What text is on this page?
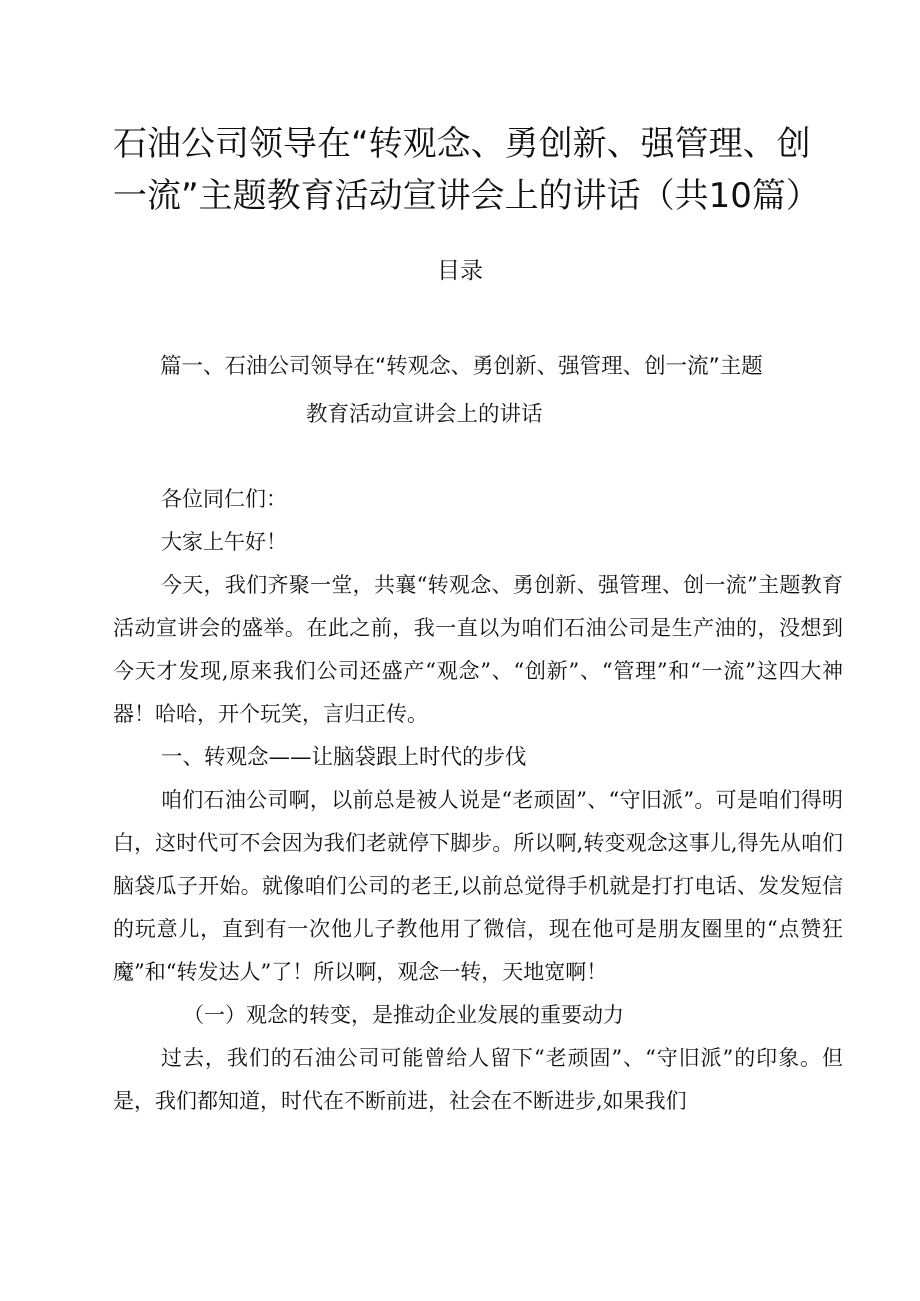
石油公司领导在“转观念、勇创新、强管理、创一流”主题教育活动宣讲会上的讲话（共10篇）
目录
篇一、石油公司领导在“转观念、勇创新、强管理、创一流”主题
教育活动宣讲会上的讲话

各位同仁们：

大家上午好！

今天，我们齐聚一堂，共襄“转观念、勇创新、强管理、创一流”主题教育活动宣讲会的盛举。在此之前，我一直以为咱们石油公司是生产油的，没想到今天才发现,原来我们公司还盛产“观念”、“创新”、“管理”和“一流”这四大神器！哈哈，开个玩笑，言归正传。

一、转观念——让脑袋跟上时代的步伐

咱们石油公司啊，以前总是被人说是“老顽固”、“守旧派”。可是咱们得明白，这时代可不会因为我们老就停下脚步。所以啊,转变观念这事儿,得先从咱们脑袋瓜子开始。就像咱们公司的老王,以前总觉得手机就是打打电话、发发短信的玩意儿，直到有一次他儿子教他用了微信，现在他可是朋友圈里的“点赞狂魔”和“转发达人”了！所以啊，观念一转，天地宽啊！

（一）观念的转变，是推动企业发展的重要动力

过去，我们的石油公司可能曾给人留下“老顽固”、“守旧派”的印象。但是，我们都知道，时代在不断前进，社会在不断进步,如果我们
